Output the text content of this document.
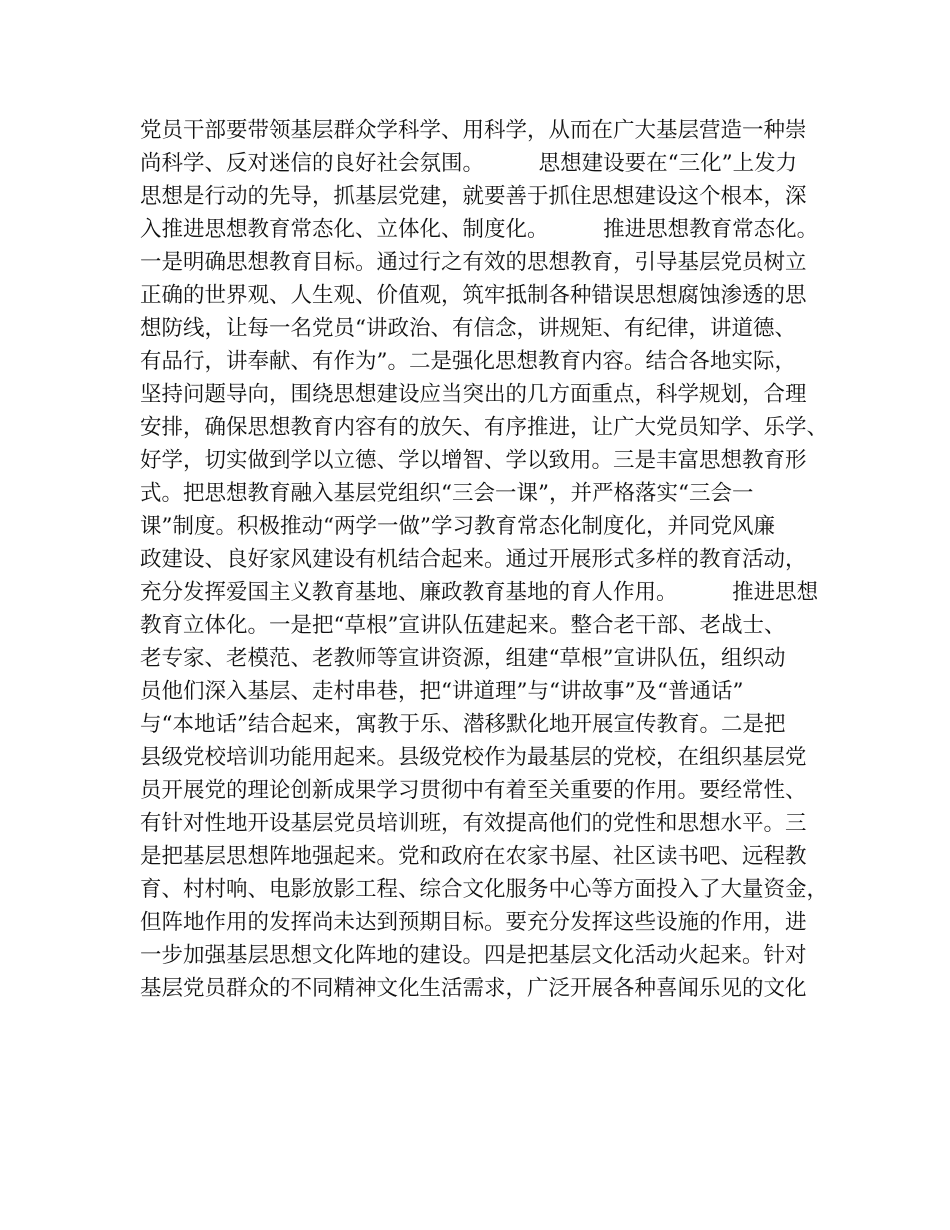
党员干部要带领基层群众学科学、用科学，从而在广大基层营造一种崇
尚科学、反对迷信的良好社会氛围。        思想建设要在“三化”上发力
思想是行动的先导，抓基层党建，就要善于抓住思想建设这个根本，深
入推进思想教育常态化、立体化、制度化。        推进思想教育常态化。
一是明确思想教育目标。通过行之有效的思想教育，引导基层党员树立
正确的世界观、人生观、价值观，筑牢抵制各种错误思想腐蚀渗透的思
想防线，让每一名党员“讲政治、有信念，讲规矩、有纪律，讲道德、
有品行，讲奉献、有作为”。二是强化思想教育内容。结合各地实际，
坚持问题导向，围绕思想建设应当突出的几方面重点，科学规划，合理
安排，确保思想教育内容有的放矢、有序推进，让广大党员知学、乐学、
好学，切实做到学以立德、学以增智、学以致用。三是丰富思想教育形
式。把思想教育融入基层党组织“三会一课”，并严格落实“三会一
课”制度。积极推动“两学一做”学习教育常态化制度化，并同党风廉
政建设、良好家风建设有机结合起来。通过开展形式多样的教育活动，
充分发挥爱国主义教育基地、廉政教育基地的育人作用。        推进思想
教育立体化。一是把“草根”宣讲队伍建起来。整合老干部、老战士、
老专家、老模范、老教师等宣讲资源，组建“草根”宣讲队伍，组织动
员他们深入基层、走村串巷，把“讲道理”与“讲故事”及“普通话”
与“本地话”结合起来，寓教于乐、潜移默化地开展宣传教育。二是把
县级党校培训功能用起来。县级党校作为最基层的党校，在组织基层党
员开展党的理论创新成果学习贯彻中有着至关重要的作用。要经常性、
有针对性地开设基层党员培训班，有效提高他们的党性和思想水平。三
是把基层思想阵地强起来。党和政府在农家书屋、社区读书吧、远程教
育、村村响、电影放影工程、综合文化服务中心等方面投入了大量资金，
但阵地作用的发挥尚未达到预期目标。要充分发挥这些设施的作用，进
一步加强基层思想文化阵地的建设。四是把基层文化活动火起来。针对
基层党员群众的不同精神文化生活需求，广泛开展各种喜闻乐见的文化
